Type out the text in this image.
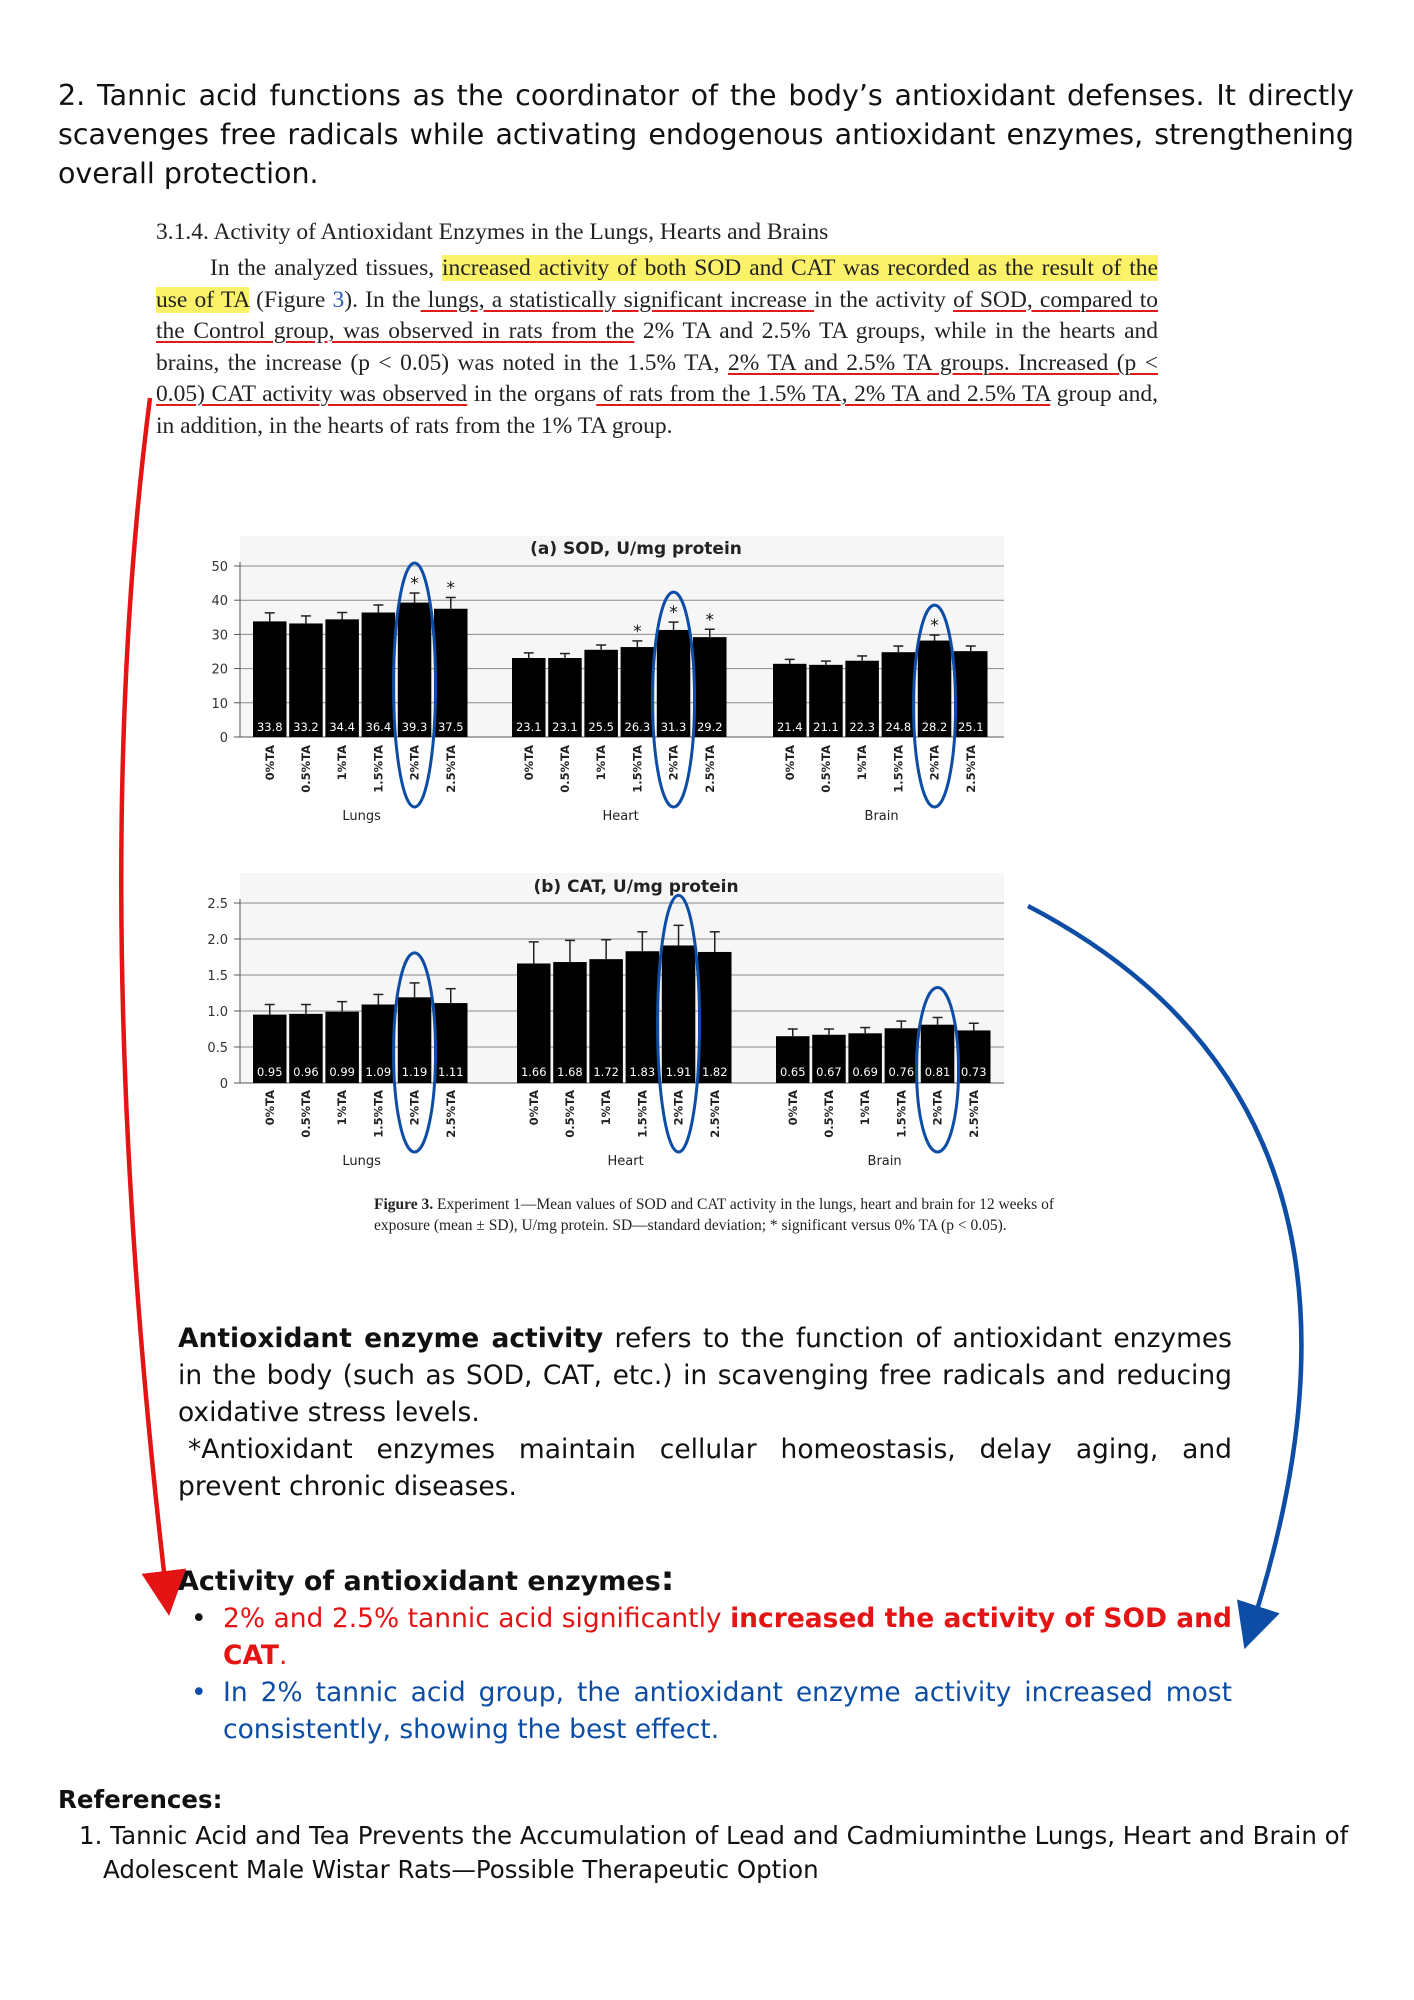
2. Tannic acid functions as the coordinator of the body’s antioxidant defenses. It directly scavenges free radicals while activating endogenous antioxidant enzymes, strengthening overall protection.

3.1.4. Activity of Antioxidant Enzymes in the Lungs, Hearts and Brains

In the analyzed tissues, increased activity of both SOD and CAT was recorded as the result of the use of TA (Figure 3). In the lungs, a statistically significant increase in the activity of SOD, compared to the Control group, was observed in rats from the 2% TA and 2.5% TA groups, while in the hearts and brains, the increase (p < 0.05) was noted in the 1.5% TA, 2% TA and 2.5% TA groups. Increased (p < 0.05) CAT activity was observed in the organs of rats from the 1.5% TA, 2% TA and 2.5% TA group and, in addition, in the hearts of rats from the 1% TA group.

(a) SOD, U/mg protein
0
10
20
30
40
50
33.8
0%TA
33.2
0.5%TA
34.4
1%TA
36.4
1.5%TA
*
39.3
2%TA
*
37.5
2.5%TA
Lungs
23.1
0%TA
23.1
0.5%TA
25.5
1%TA
*
26.3
1.5%TA
*
31.3
2%TA
*
29.2
2.5%TA
Heart
21.4
0%TA
21.1
0.5%TA
22.3
1%TA
24.8
1.5%TA
*
28.2
2%TA
25.1
2.5%TA
Brain
(b) CAT, U/mg protein
0
0.5
1.0
1.5
2.0
2.5
0.95
0%TA
0.96
0.5%TA
0.99
1%TA
1.09
1.5%TA
1.19
2%TA
1.11
2.5%TA
Lungs
1.66
0%TA
1.68
0.5%TA
1.72
1%TA
1.83
1.5%TA
1.91
2%TA
1.82
2.5%TA
Heart
0.65
0%TA
0.67
0.5%TA
0.69
1%TA
0.76
1.5%TA
0.81
2%TA
0.73
2.5%TA
Brain

Figure 3. Experiment 1—Mean values of SOD and CAT activity in the lungs, heart and brain for 12 weeks of exposure (mean ± SD), U/mg protein. SD—standard deviation; * significant versus 0% TA (p < 0.05).

Antioxidant enzyme activity refers to the function of antioxidant enzymes in the body (such as SOD, CAT, etc.) in scavenging free radicals and reducing oxidative stress levels.

*Antioxidant enzymes maintain cellular homeostasis, delay aging, and prevent chronic diseases.

Activity of antioxidant enzymes:

• 2% and 2.5% tannic acid significantly increased the activity of SOD and CAT.
• In 2% tannic acid group, the antioxidant enzyme activity increased most consistently, showing the best effect.

References:

1. Tannic Acid and Tea Prevents the Accumulation of Lead and Cadmiuminthe Lungs, Heart and Brain of Adolescent Male Wistar Rats—Possible Therapeutic Option
